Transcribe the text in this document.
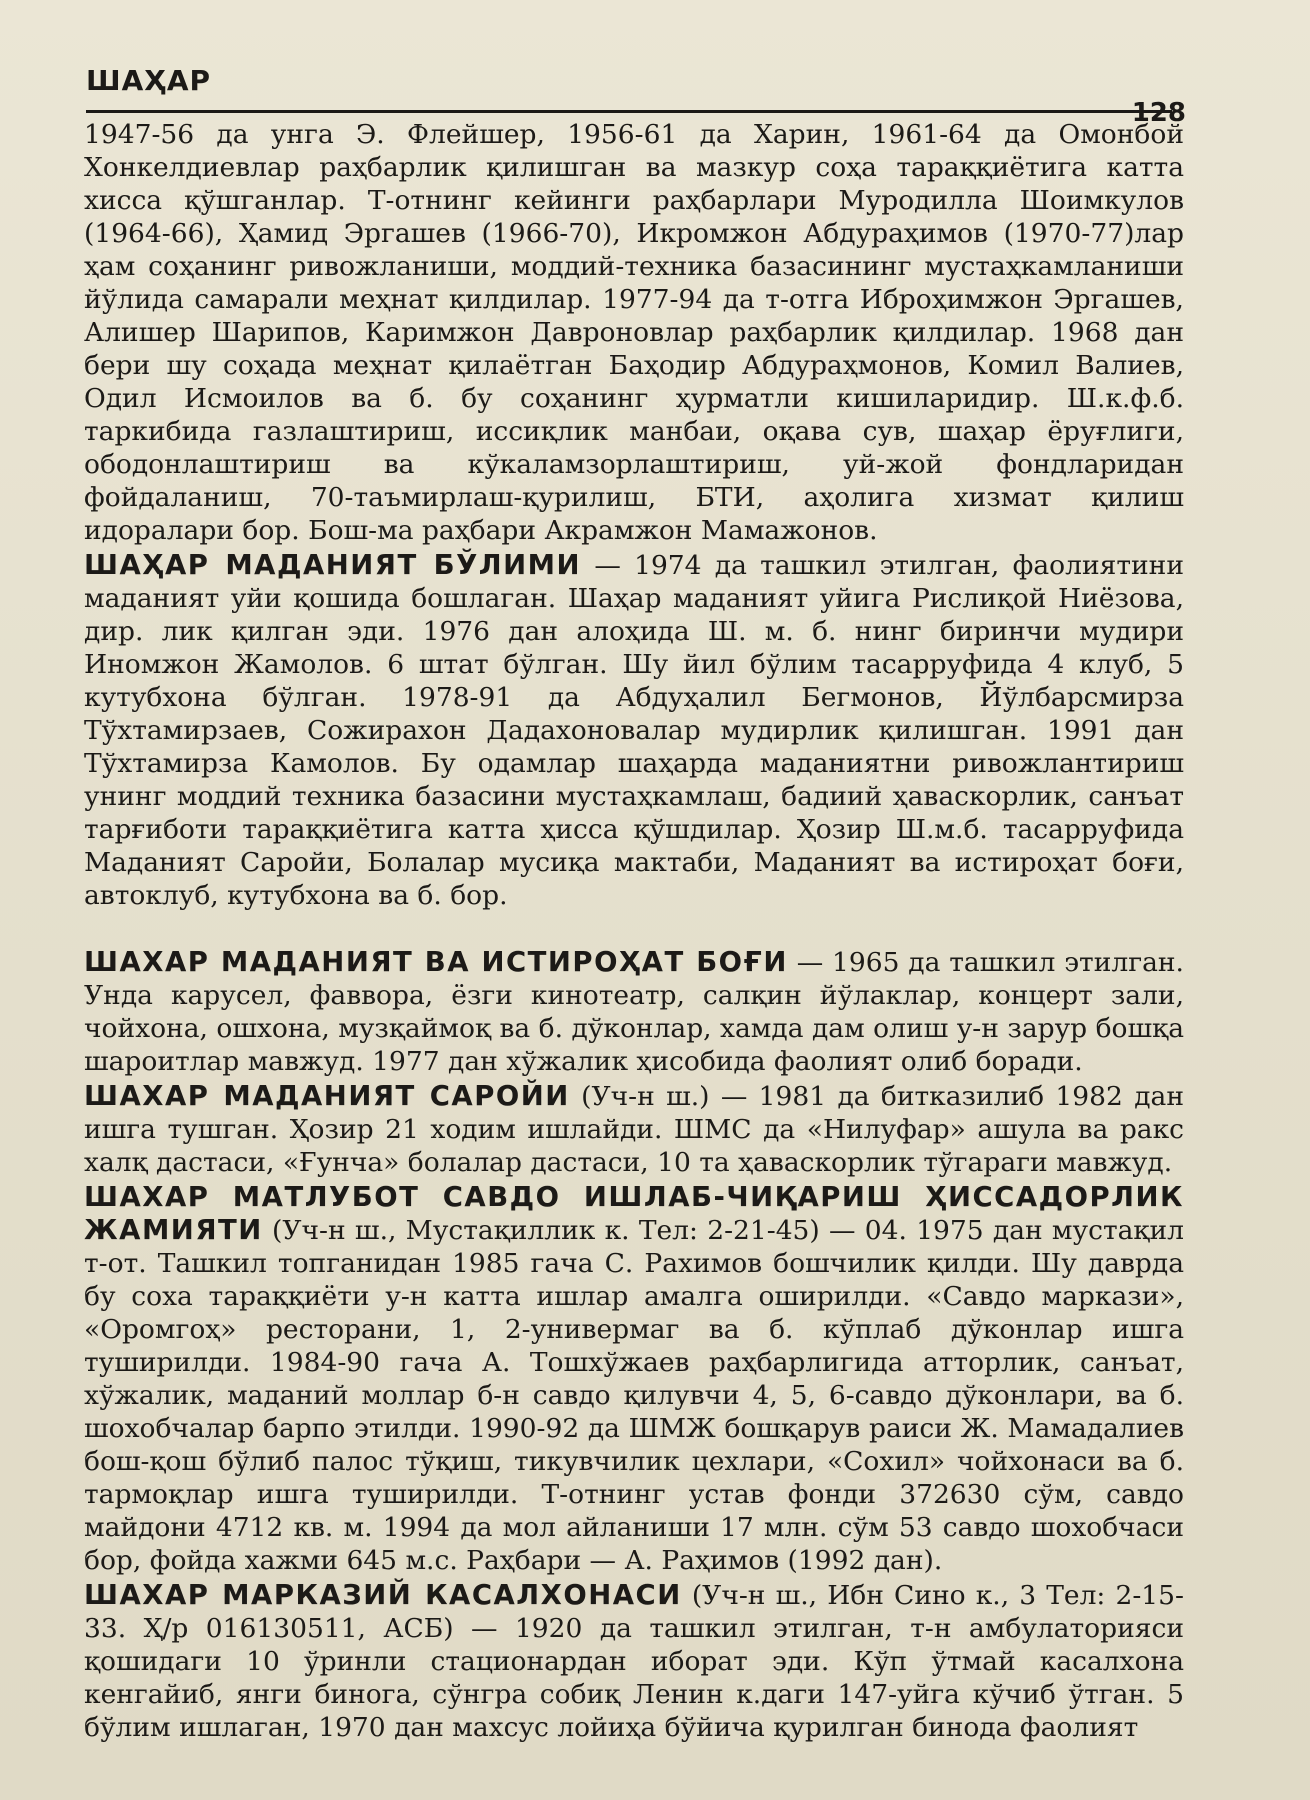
ШАҲАР
128

1947-56 да унга Э. Флейшер, 1956-61 да Харин, 1961-64 да Омонбой Хонкелдиевлар раҳбарлик қилишган ва мазкур соҳа тараққиётига катта хисса қўшганлар. Т-отнинг кейинги раҳбарлари Муродилла Шоимкулов (1964-66), Ҳамид Эргашев (1966-70), Икромжон Абдураҳимов (1970-77)лар ҳам соҳанинг ривожланиши, моддий-техника базасининг мустаҳкамланиши йўлида самарали меҳнат қилдилар. 1977-94 да т-отга Иброҳимжон Эргашев, Алишер Шарипов, Каримжон Давроновлар раҳбарлик қилдилар. 1968 дан бери шу соҳада меҳнат қилаётган Баҳодир Абдураҳмонов, Комил Валиев, Одил Исмоилов ва б. бу соҳанинг ҳурматли кишиларидир. Ш.к.ф.б. таркибида газлаштириш, иссиқлик манбаи, оқава сув, шаҳар ёруғлиги, ободонлаштириш ва кўкаламзорлаштириш, уй-жой фондларидан фойдаланиш, 70-таъмирлаш-қурилиш, БТИ, аҳолига хизмат қилиш идоралари бор. Бош-ма раҳбари Акрамжон Мамажонов.

ШАҲАР МАДАНИЯТ БЎЛИМИ — 1974 да ташкил этилган, фаолиятини маданият уйи қошида бошлаган. Шаҳар маданият уйига Рислиқой Ниёзова, дир. лик қилган эди. 1976 дан алоҳида Ш. м. б. нинг биринчи мудири Иномжон Жамолов. 6 штат бўлган. Шу йил бўлим тасарруфида 4 клуб, 5 кутубхона бўлган. 1978-91 да Абдуҳалил Бегмонов, Йўлбарсмирза Тўхтамирзаев, Сожирахон Дадахоновалар мудирлик қилишган. 1991 дан Тўхтамирза Камолов. Бу одамлар шаҳарда маданиятни ривожлантириш унинг моддий техника базасини мустаҳкамлаш, бадиий ҳаваскорлик, санъат тарғиботи тараққиётига катта ҳисса қўшдилар. Ҳозир Ш.м.б. тасарруфида Маданият Саройи, Болалар мусиқа мактаби, Маданият ва истироҳат боғи, автоклуб, кутубхона ва б. бор.

ШАХАР МАДАНИЯТ ВА ИСТИРОҲАТ БОҒИ — 1965 да ташкил этилган. Унда карусел, фаввора, ёзги кинотеатр, салқин йўлаклар, концерт зали, чойхона, ошхона, музқаймоқ ва б. дўконлар, хамда дам олиш у-н зарур бошқа шароитлар мавжуд. 1977 дан хўжалик ҳисобида фаолият олиб боради.

ШАХАР МАДАНИЯТ САРОЙИ (Уч-н ш.) — 1981 да битказилиб 1982 дан ишга тушган. Ҳозир 21 ходим ишлайди. ШМС да «Нилуфар» ашула ва ракс халқ дастаси, «Ғунча» болалар дастаси, 10 та ҳаваскорлик тўгараги мавжуд.

ШАХАР МАТЛУБОТ САВДО ИШЛАБ-ЧИҚАРИШ ҲИССАДОРЛИК ЖАМИЯТИ (Уч-н ш., Мустақиллик к. Тел: 2-21-45) — 04. 1975 дан мустақил т-от. Ташкил топганидан 1985 гача С. Рахимов бошчилик қилди. Шу даврда бу соха тараққиёти у-н катта ишлар амалга оширилди. «Савдо маркази», «Оромгоҳ» ресторани, 1, 2-универмаг ва б. кўплаб дўконлар ишга туширилди. 1984-90 гача А. Тошхўжаев раҳбарлигида атторлик, санъат, хўжалик, маданий моллар б-н савдо қилувчи 4, 5, 6-савдо дўконлари, ва б. шохобчалар барпо этилди. 1990-92 да ШМЖ бошқарув раиси Ж. Мамадалиев бош-қош бўлиб палос тўқиш, тикувчилик цехлари, «Сохил» чойхонаси ва б. тармоқлар ишга туширилди. Т-отнинг устав фонди 372630 сўм, савдо майдони 4712 кв. м. 1994 да мол айланиши 17 млн. сўм 53 савдо шохобчаси бор, фойда хажми 645 м.с. Раҳбари — А. Раҳимов (1992 дан).

ШАХАР МАРКАЗИЙ КАСАЛХОНАСИ (Уч-н ш., Ибн Сино к., 3 Тел: 2-15-33. Ҳ/р 016130511, АСБ) — 1920 да ташкил этилган, т-н амбулаторияси қошидаги 10 ўринли стационардан иборат эди. Кўп ўтмай касалхона кенгайиб, янги бинога, сўнгра собиқ Ленин к.даги 147-уйга кўчиб ўтган. 5 бўлим ишлаган, 1970 дан махсус лойиҳа бўйича қурилган бинода фаолият
